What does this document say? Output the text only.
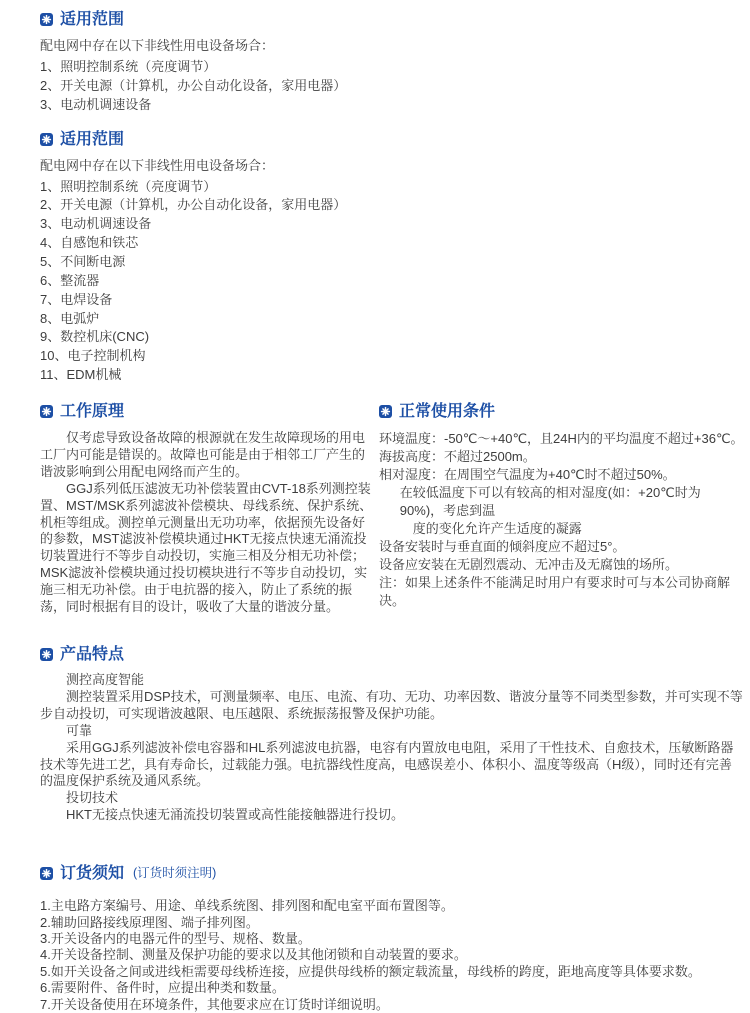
适用范围

配电网中存在以下非线性用电设备场合：

1、照明控制系统（亮度调节）
2、开关电源（计算机，办公自动化设备，家用电器）
3、电动机调速设备
适用范围

配电网中存在以下非线性用电设备场合：

1、照明控制系统（亮度调节）
2、开关电源（计算机，办公自动化设备，家用电器）
3、电动机调速设备
4、自感饱和铁芯
5、不间断电源
6、整流器
7、电焊设备
8、电弧炉
9、数控机床(CNC)
10、电子控制机构
11、EDM机械
工作原理

仅考虑导致设备故障的根源就在发生故障现场的用电工厂内可能是错误的。故障也可能是由于相邻工厂产生的谐波影响到公用配电网络而产生的。

GGJ系列低压滤波无功补偿装置由CVT-18系列测控装置、MST/MSK系列滤波补偿模块、母线系统、保护系统、机柜等组成。测控单元测量出无功功率，依据预先设备好的参数，MST滤波补偿模块通过HKT无接点快速无涌流投切装置进行不等步自动投切，实施三相及分相无功补偿；MSK滤波补偿模块通过投切模块进行不等步自动投切，实施三相无功补偿。由于电抗器的接入，防止了系统的振荡，同时根据有目的设计，吸收了大量的谐波分量。

正常使用条件
环境温度：-50℃～+40℃，且24H内的平均温度不超过+36℃。
海拔高度：不超过2500m。
相对湿度：在周围空气温度为+40℃时不超过50%。
在较低温度下可以有较高的相对湿度(如：+20℃时为90%)，考虑到温
度的变化允许产生适度的凝露
设备安装时与垂直面的倾斜度应不超过5°。
设备应安装在无剧烈震动、无冲击及无腐蚀的场所。
注：如果上述条件不能满足时用户有要求时可与本公司协商解决。
产品特点

测控高度智能

测控装置采用DSP技术，可测量频率、电压、电流、有功、无功、功率因数、谐波分量等不同类型参数，并可实现不等步自动投切，可实现谐波越限、电压越限、系统振荡报警及保护功能。

可靠

采用GGJ系列滤波补偿电容器和HL系列滤波电抗器，电容有内置放电电阻，采用了干性技术、自愈技术，压敏断路器技术等先进工艺，具有寿命长，过载能力强。电抗器线性度高，电感误差小、体积小、温度等级高（H级），同时还有完善的温度保护系统及通风系统。

投切技术

HKT无接点快速无涌流投切装置或高性能接触器进行投切。

订货须知 (订货时须注明)
1.主电路方案编号、用途、单线系统图、排列图和配电室平面布置图等。
2.辅助回路接线原理图、端子排列图。
3.开关设备内的电器元件的型号、规格、数量。
4.开关设备控制、测量及保护功能的要求以及其他闭锁和自动装置的要求。
5.如开关设备之间或进线柜需要母线桥连接，应提供母线桥的额定载流量，母线桥的跨度，距地高度等具体要求数。
6.需要附件、备件时，应提出种类和数量。
7.开关设备使用在环境条件，其他要求应在订货时详细说明。
